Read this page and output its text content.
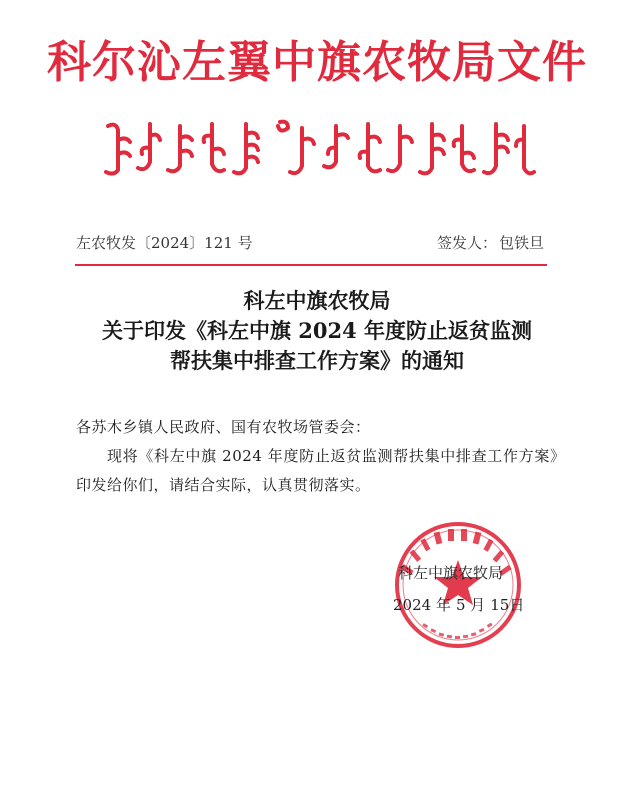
科尔沁左翼中旗农牧局文件
左农牧发〔2024〕121 号	签发人： 包铁旦
科左中旗农牧局
关于印发《科左中旗 2024 年度防止返贫监测
帮扶集中排查工作方案》的通知
各苏木乡镇人民政府、国有农牧场管委会：
现将《科左中旗 2024 年度防止返贫监测帮扶集中排查工作方案》印发给你们，请结合实际，认真贯彻落实。
科左中旗农牧局
2024 年 5 月 15日
